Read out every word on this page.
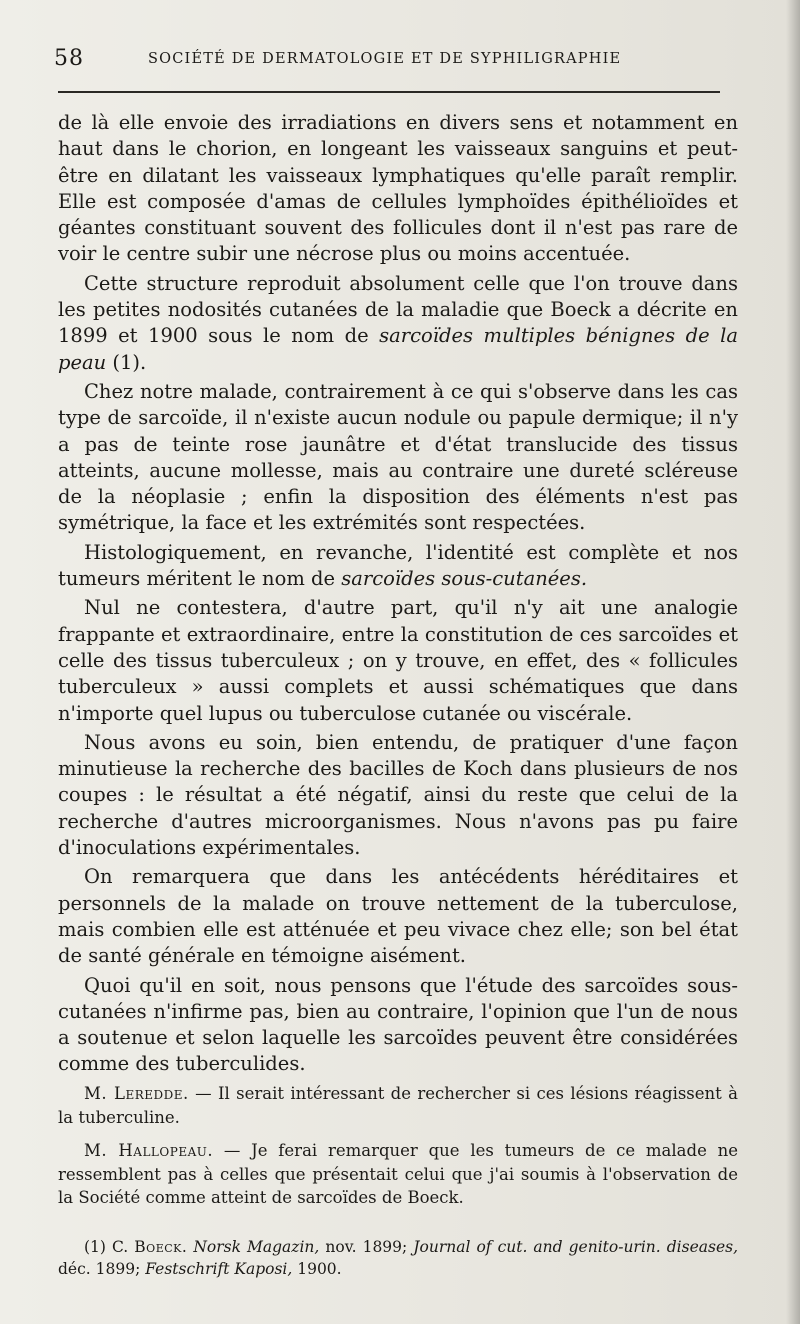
58	SOCIÉTÉ DE DERMATOLOGIE ET DE SYPHILIGRAPHIE

de là elle envoie des irradiations en divers sens et notamment en haut dans le chorion, en longeant les vaisseaux sanguins et peut-être en dilatant les vaisseaux lymphatiques qu'elle paraît remplir. Elle est composée d'amas de cellules lymphoïdes épithélioïdes et géantes constituant souvent des follicules dont il n'est pas rare de voir le centre subir une nécrose plus ou moins accentuée.

Cette structure reproduit absolument celle que l'on trouve dans les petites nodosités cutanées de la maladie que Boeck a décrite en 1899 et 1900 sous le nom de sarcoïdes multiples bénignes de la peau (1).

Chez notre malade, contrairement à ce qui s'observe dans les cas type de sarcoïde, il n'existe aucun nodule ou papule dermique; il n'y a pas de teinte rose jaunâtre et d'état translucide des tissus atteints, aucune mollesse, mais au contraire une dureté scléreuse de la néoplasie ; enfin la disposition des éléments n'est pas symétrique, la face et les extrémités sont respectées.

Histologiquement, en revanche, l'identité est complète et nos tumeurs méritent le nom de sarcoïdes sous-cutanées.

Nul ne contestera, d'autre part, qu'il n'y ait une analogie frappante et extraordinaire, entre la constitution de ces sarcoïdes et celle des tissus tuberculeux ; on y trouve, en effet, des « follicules tuberculeux » aussi complets et aussi schématiques que dans n'importe quel lupus ou tuberculose cutanée ou viscérale.

Nous avons eu soin, bien entendu, de pratiquer d'une façon minutieuse la recherche des bacilles de Koch dans plusieurs de nos coupes : le résultat a été négatif, ainsi du reste que celui de la recherche d'autres microorganismes. Nous n'avons pas pu faire d'inoculations expérimentales.

On remarquera que dans les antécédents héréditaires et personnels de la malade on trouve nettement de la tuberculose, mais combien elle est atténuée et peu vivace chez elle; son bel état de santé générale en témoigne aisément.

Quoi qu'il en soit, nous pensons que l'étude des sarcoïdes sous-cutanées n'infirme pas, bien au contraire, l'opinion que l'un de nous a soutenue et selon laquelle les sarcoïdes peuvent être considérées comme des tuberculides.

M. Leredde. — Il serait intéressant de rechercher si ces lésions réagissent à la tuberculine.

M. Hallopeau. — Je ferai remarquer que les tumeurs de ce malade ne ressemblent pas à celles que présentait celui que j'ai soumis à l'observation de la Société comme atteint de sarcoïdes de Boeck.

(1) C. Boeck. Norsk Magazin, nov. 1899; Journal of cut. and genito-urin. diseases, déc. 1899; Festschrift Kaposi, 1900.
